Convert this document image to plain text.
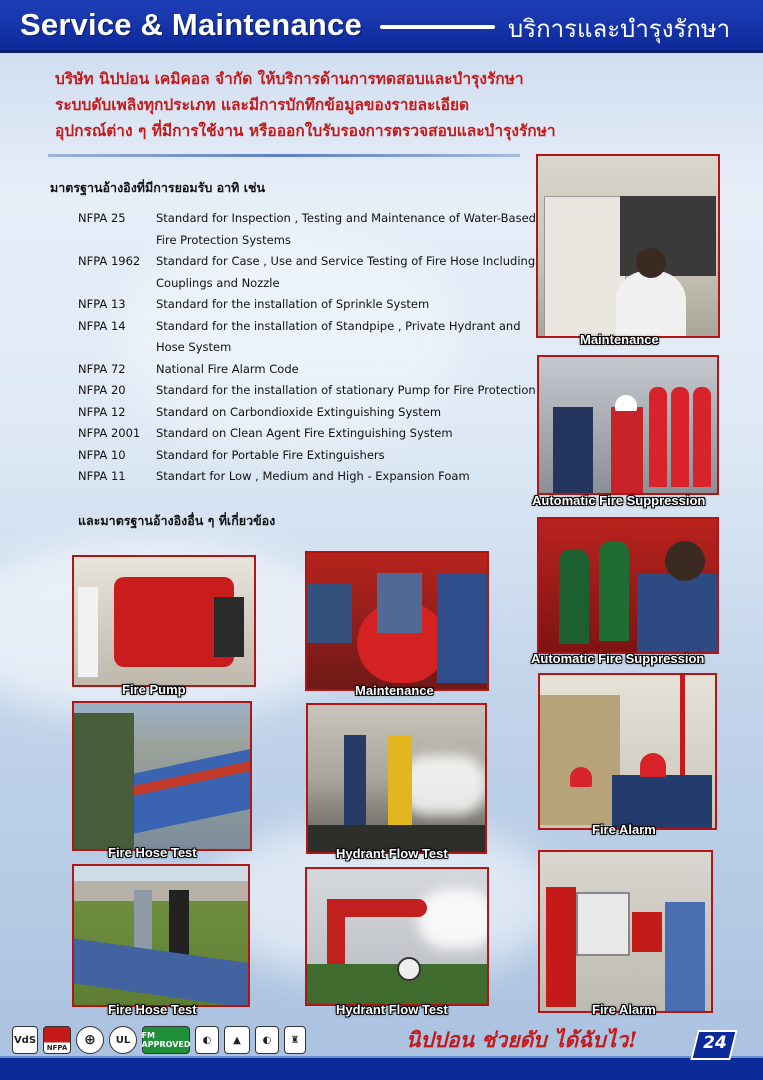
Service & Maintenance	บริการและบำรุงรักษา
บริษัท นิปปอน เคมิคอล จำกัด ให้บริการด้านการทดสอบและบำรุงรักษา
ระบบดับเพลิงทุกประเภท และมีการบักทึกข้อมูลของรายละเอียด
อุปกรณ์ต่าง ๆ ที่มีการใช้งาน หรือออกใบรับรองการตรวจสอบและบำรุงรักษา
มาตรฐานอ้างอิงที่มีการยอมรับ อาทิ เช่น
NFPA 25	Standard for Inspection , Testing and Maintenance of Water-Based Fire Protection Systems
NFPA 1962	Standard for Case , Use and Service Testing of Fire Hose Including Couplings and Nozzle
NFPA 13	Standard for the installation of Sprinkle System
NFPA 14	Standard for the installation of Standpipe , Private Hydrant and Hose System
NFPA 72	National Fire Alarm Code
NFPA 20	Standard for the installation of stationary Pump for Fire Protection
NFPA 12	Standard on Carbondioxide Extinguishing System
NFPA 2001	Standard on Clean Agent Fire Extinguishing System
NFPA 10	Standard for Portable Fire Extinguishers
NFPA 11	Standart for Low , Medium and High - Expansion Foam
และมาตรฐานอ้างอิงอื่น ๆ ที่เกี่ยวข้อง
Maintenance
Automatic Fire Suppression
Automatic Fire Suppression
Fire Alarm
Fire Alarm
Fire Pump	Maintenance
Fire Hose Test	Hydrant Flow Test
Fire Hose Test	Hydrant Flow Test
VdS
NFPA	⊕	UL	FM APPROVED	◐	▲	◐	♜	นิปปอน ช่วยดับ ได้ฉับไว!	24
